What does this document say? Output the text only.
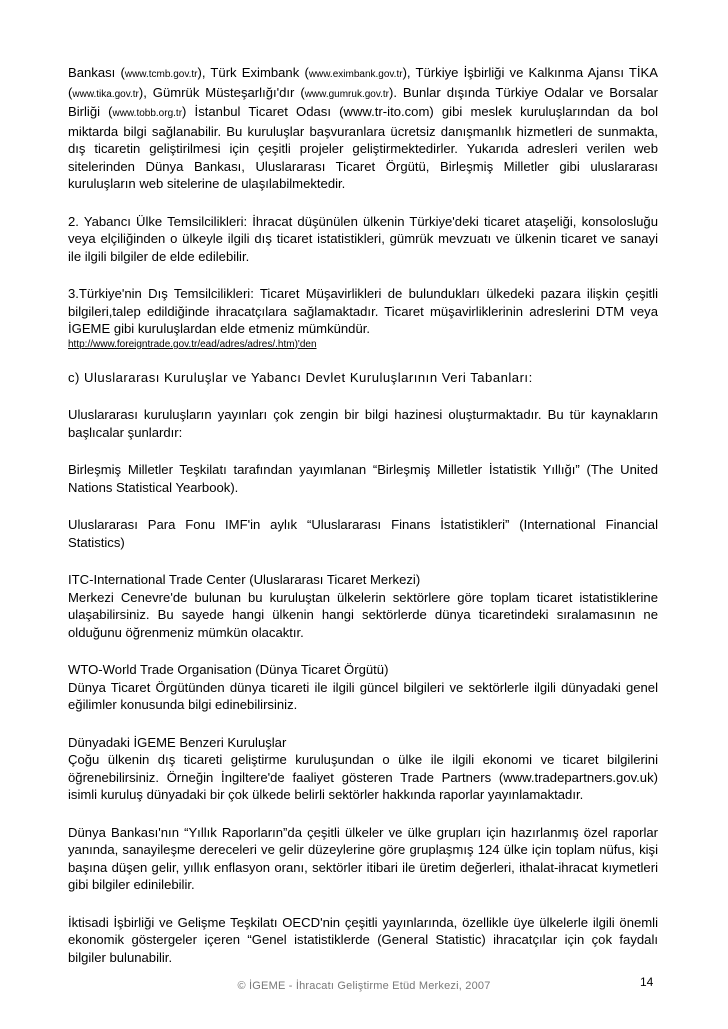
Bankası (www.tcmb.gov.tr), Türk Eximbank (www.eximbank.gov.tr), Türkiye İşbirliği ve Kalkınma Ajansı TİKA (www.tika.gov.tr), Gümrük Müsteşarlığı'dır (www.gumruk.gov.tr). Bunlar dışında Türkiye Odalar ve Borsalar Birliği (www.tobb.org.tr) İstanbul Ticaret Odası (www.tr-ito.com) gibi meslek kuruluşlarından da bol miktarda bilgi sağlanabilir. Bu kuruluşlar başvuranlara ücretsiz danışmanlık hizmetleri de sunmakta, dış ticaretin geliştirilmesi için çeşitli projeler geliştirmektedirler. Yukarıda adresleri verilen web sitelerinden Dünya Bankası, Uluslararası Ticaret Örgütü, Birleşmiş Milletler gibi uluslararası kuruluşların web sitelerine de ulaşılabilmektedir.

2. Yabancı Ülke Temsilcilikleri: İhracat düşünülen ülkenin Türkiye'deki ticaret ataşeliği, konsolosluğu veya elçiliğinden o ülkeyle ilgili dış ticaret istatistikleri, gümrük mevzuatı ve ülkenin ticaret ve sanayi ile ilgili bilgiler de elde edilebilir.

3.Türkiye'nin Dış Temsilcilikleri: Ticaret Müşavirlikleri de bulundukları ülkedeki pazara ilişkin çeşitli bilgileri,talep edildiğinde ihracatçılara sağlamaktadır. Ticaret müşavirliklerinin adreslerini DTM veya İGEME gibi kuruluşlardan elde etmeniz mümkündür.
http://www.foreigntrade.gov.tr/ead/adres/adres/.htm)'den

c) Uluslararası Kuruluşlar ve Yabancı Devlet Kuruluşlarının Veri Tabanları:

Uluslararası kuruluşların yayınları çok zengin bir bilgi hazinesi oluşturmaktadır. Bu tür kaynakların başlıcalar şunlardır:

Birleşmiş Milletler Teşkilatı tarafından yayımlanan “Birleşmiş Milletler İstatistik Yıllığı” (The United Nations Statistical Yearbook).

Uluslararası Para Fonu IMF'in aylık “Uluslararası Finans İstatistikleri” (International Financial Statistics)

ITC-International Trade Center (Uluslararası Ticaret Merkezi)
Merkezi Cenevre'de bulunan bu kuruluştan ülkelerin sektörlere göre toplam ticaret istatistiklerine ulaşabilirsiniz. Bu sayede hangi ülkenin hangi sektörlerde dünya ticaretindeki sıralamasının ne olduğunu öğrenmeniz mümkün olacaktır.

WTO-World Trade Organisation (Dünya Ticaret Örgütü)
Dünya Ticaret Örgütünden dünya ticareti ile ilgili güncel bilgileri ve sektörlerle ilgili dünyadaki genel eğilimler konusunda bilgi edinebilirsiniz.

Dünyadaki İGEME Benzeri Kuruluşlar
Çoğu ülkenin dış ticareti geliştirme kuruluşundan o ülke ile ilgili ekonomi ve ticaret bilgilerini öğrenebilirsiniz. Örneğin İngiltere'de faaliyet gösteren Trade Partners (www.tradepartners.gov.uk) isimli kuruluş dünyadaki bir çok ülkede belirli sektörler hakkında raporlar yayınlamaktadır.

Dünya Bankası'nın “Yıllık Raporların”da çeşitli ülkeler ve ülke grupları için hazırlanmış özel raporlar yanında, sanayileşme dereceleri ve gelir düzeylerine göre gruplaşmış 124 ülke için toplam nüfus, kişi başına düşen gelir, yıllık enflasyon oranı, sektörler itibari ile üretim değerleri, ithalat-ihracat kıymetleri gibi bilgiler edinilebilir.

İktisadi İşbirliği ve Gelişme Teşkilatı OECD'nin çeşitli yayınlarında, özellikle üye ülkelerle ilgili önemli ekonomik göstergeler içeren “Genel istatistiklerde (General Statistic) ihracatçılar için çok faydalı bilgiler bulunabilir.

© İGEME - İhracatı Geliştirme Etüd Merkezi, 2007	14
